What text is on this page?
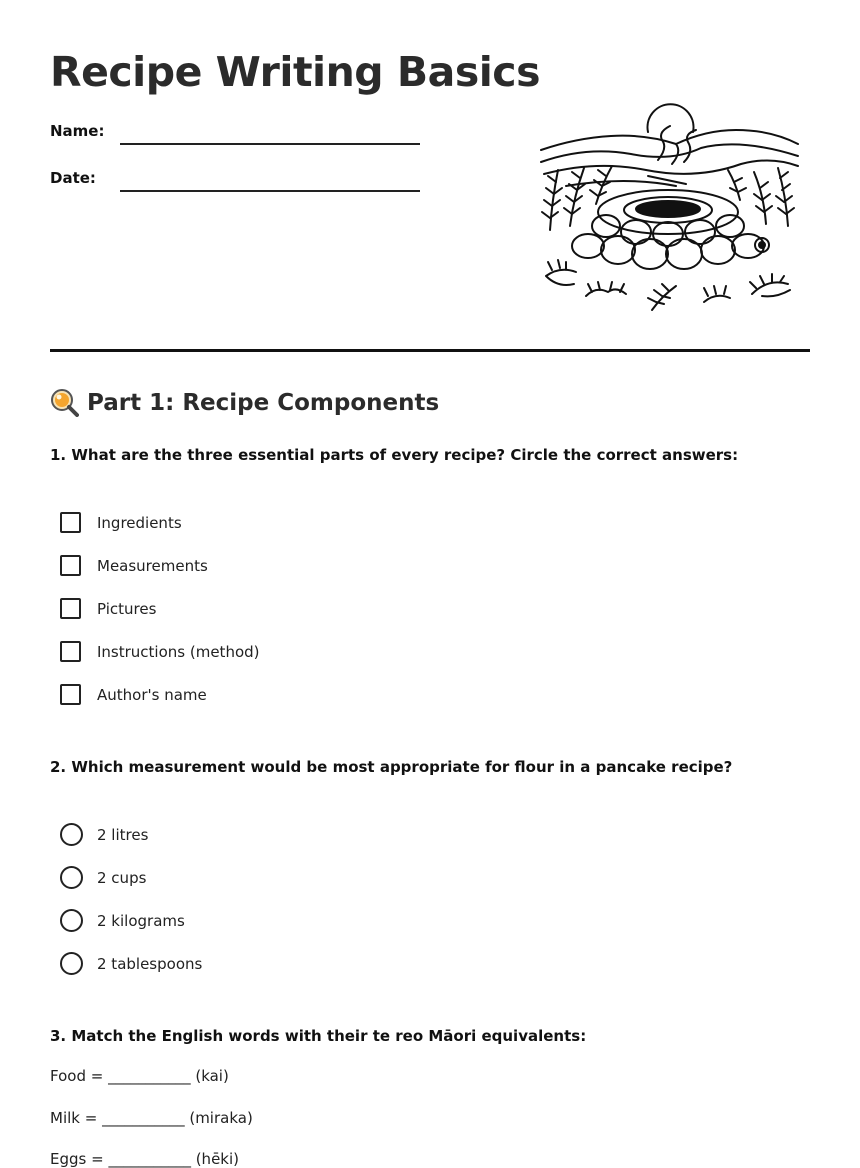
Recipe Writing Basics
Name:
Date:
Part 1: Recipe Components
1. What are the three essential parts of every recipe? Circle the correct answers:
Ingredients
Measurements
Pictures
Instructions (method)
Author's name
2. Which measurement would be most appropriate for flour in a pancake recipe?
2 litres
2 cups
2 kilograms
2 tablespoons
3. Match the English words with their te reo Māori equivalents:
Food = ___________ (kai)
Milk = ___________ (miraka)
Eggs = ___________ (hēki)
